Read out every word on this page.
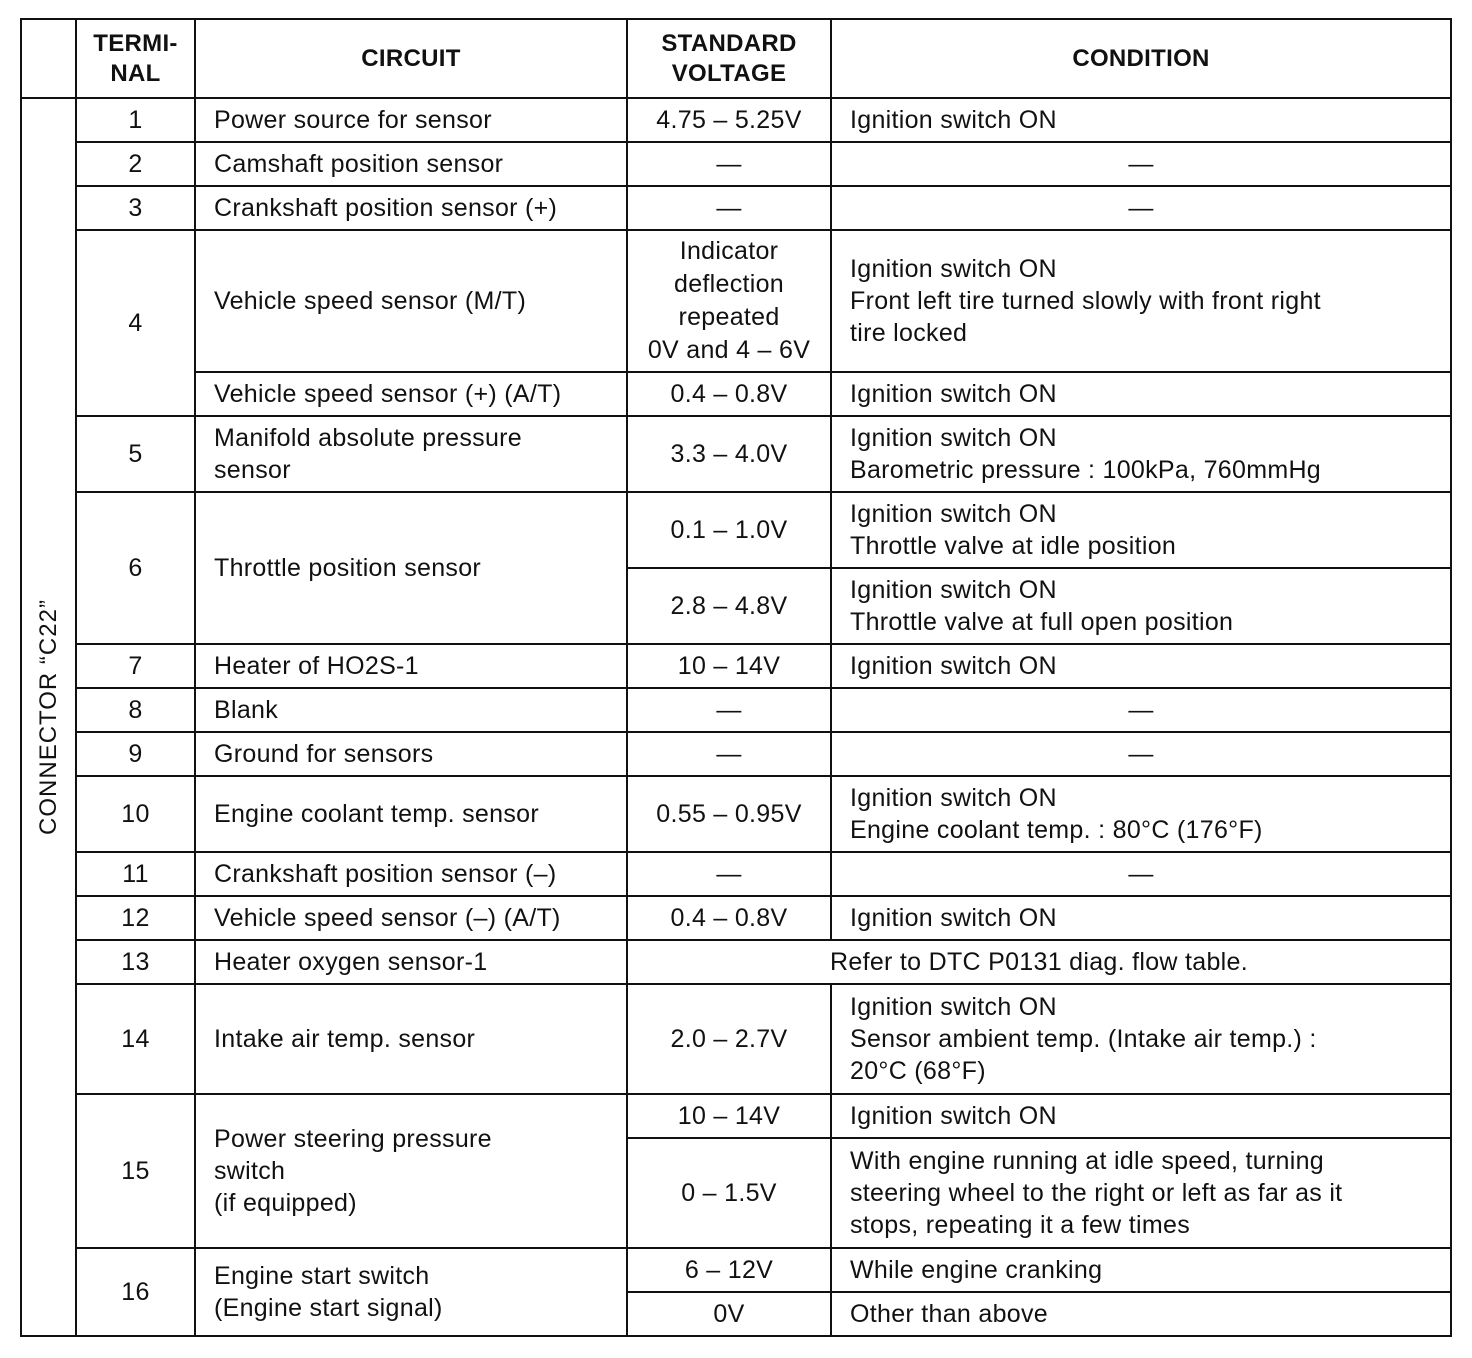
	TERMI-
NAL	CIRCUIT	STANDARD
VOLTAGE	CONDITION

CONNECTOR “C22”	1	Power source for sensor	4.75 – 5.25V	Ignition switch ON
	2	Camshaft position sensor	—	—
	3	Crankshaft position sensor (+)	—	—
	4	Vehicle speed sensor (M/T)	Indicator
deflection
repeated
0V and 4 – 6V	Ignition switch ON
Front left tire turned slowly with front right
tire locked
		Vehicle speed sensor (+) (A/T)	0.4 – 0.8V	Ignition switch ON
	5	Manifold absolute pressure
sensor	3.3 – 4.0V	Ignition switch ON
Barometric pressure : 100kPa, 760mmHg
	6	Throttle position sensor	0.1 – 1.0V	Ignition switch ON
Throttle valve at idle position
			2.8 – 4.8V	Ignition switch ON
Throttle valve at full open position
	7	Heater of HO2S-1	10 – 14V	Ignition switch ON
	8	Blank	—	—
	9	Ground for sensors	—	—
	10	Engine coolant temp. sensor	0.55 – 0.95V	Ignition switch ON
Engine coolant temp. : 80°C (176°F)
	11	Crankshaft position sensor (–)	—	—
	12	Vehicle speed sensor (–) (A/T)	0.4 – 0.8V	Ignition switch ON
	13	Heater oxygen sensor-1	Refer to DTC P0131 diag. flow table.	
	14	Intake air temp. sensor	2.0 – 2.7V	Ignition switch ON
Sensor ambient temp. (Intake air temp.) :
20°C (68°F)
	15	Power steering pressure
switch
(if equipped)	10 – 14V	Ignition switch ON
			0 – 1.5V	With engine running at idle speed, turning
steering wheel to the right or left as far as it
stops, repeating it a few times
	16	Engine start switch
(Engine start signal)	6 – 12V	While engine cranking
			0V	Other than above
